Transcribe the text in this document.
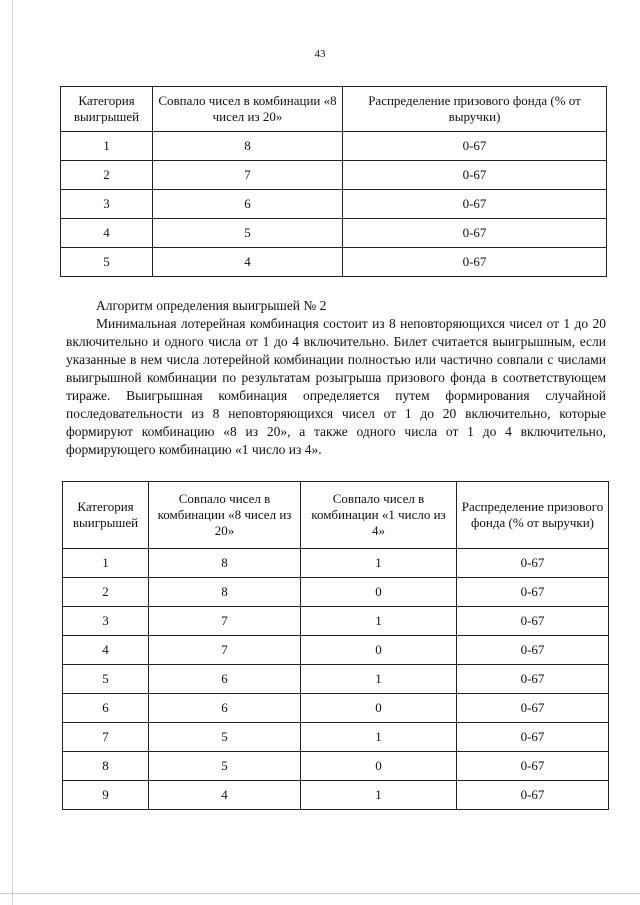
43
Категория выигрышей	Совпало чисел в комбинации «8 чисел из 20»	Распределение призового фонда (% от выручки)
1	8	0-67
2	7	0-67
3	6	0-67
4	5	0-67
5	4	0-67
Алгоритм определения выигрышей № 2
Минимальная лотерейная комбинация состоит из 8 неповторяющихся чисел от 1 до 20 включительно и одного числа от 1 до 4 включительно. Билет считается выигрышным, если указанные в нем числа лотерейной комбинации полностью или частично совпали с числами выигрышной комбинации по результатам розыгрыша призового фонда в соответствующем тираже. Выигрышная комбинация определяется путем формирования случайной последовательности из 8 неповторяющихся чисел от 1 до 20 включительно, которые формируют комбинацию «8 из 20», а также одного числа от 1 до 4 включительно, формирующего комбинацию «1 число из 4».
Категория выигрышей	Совпало чисел в комбинации «8 чисел из 20»	Совпало чисел в комбинации «1 число из 4»	Распределение призового фонда (% от выручки)
1	8	1	0-67
2	8	0	0-67
3	7	1	0-67
4	7	0	0-67
5	6	1	0-67
6	6	0	0-67
7	5	1	0-67
8	5	0	0-67
9	4	1	0-67
